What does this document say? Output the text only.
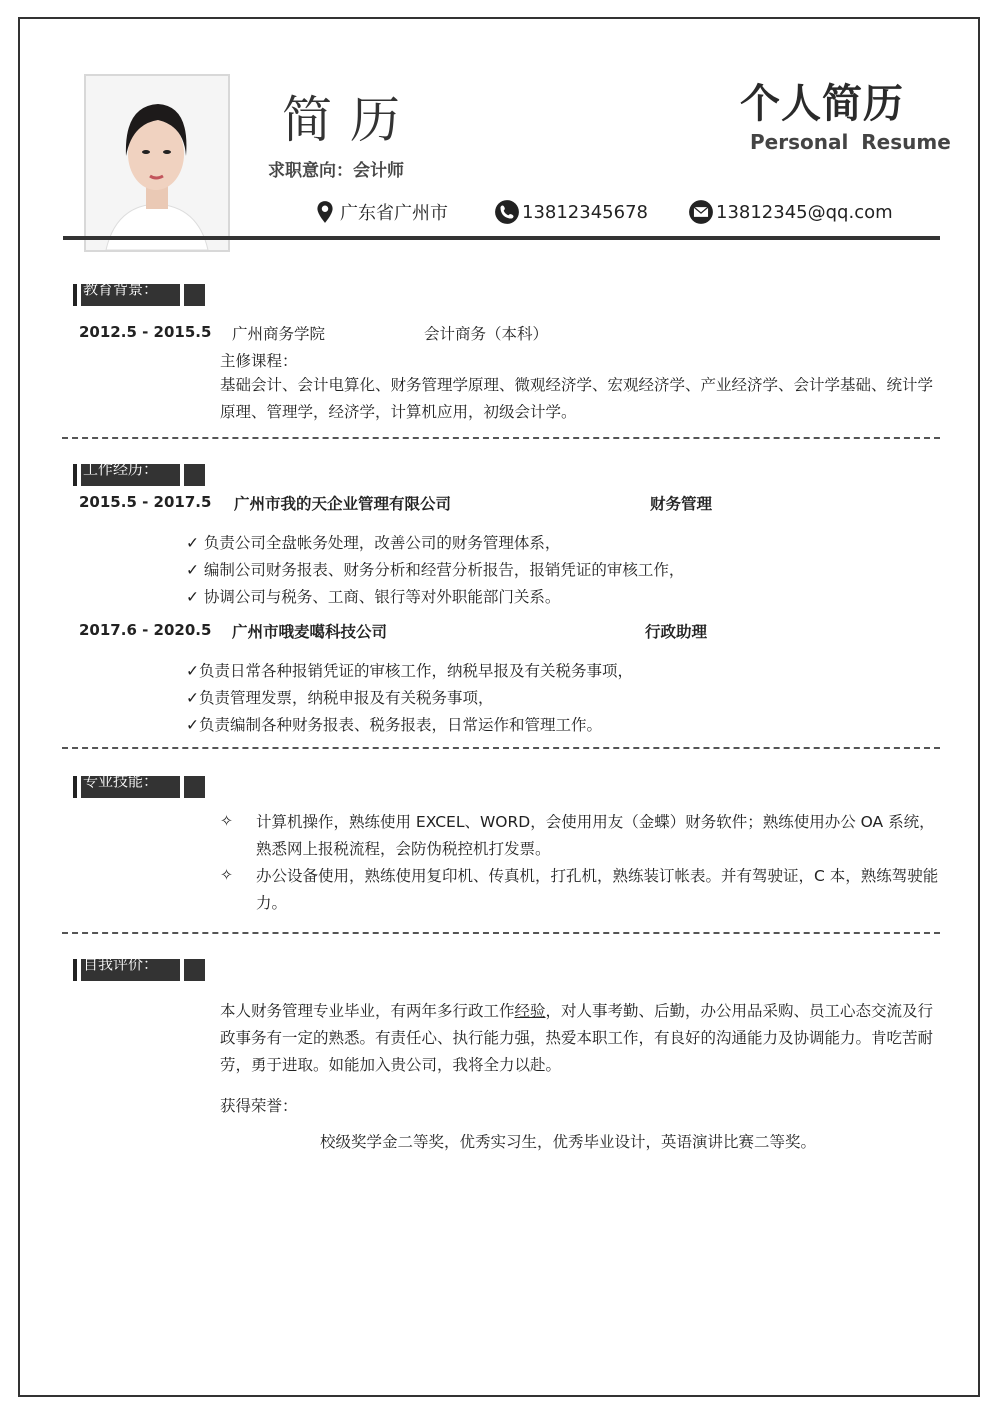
简历
求职意向：会计师
个人简历
Personal Resume
广东省广州市	13812345678	13812345@qq.com
教育背景：
2012.5 - 2015.5 广州商务学院	会计商务（本科）
主修课程：
基础会计、会计电算化、财务管理学原理、微观经济学、宏观经济学、产业经济学、会计学基础、统计学原理、管理学，经济学，计算机应用，初级会计学。
工作经历：
2015.5 - 2017.5 广州市我的天企业管理有限公司	财务管理
✓ 负责公司全盘帐务处理，改善公司的财务管理体系，
✓ 编制公司财务报表、财务分析和经营分析报告，报销凭证的审核工作，
✓ 协调公司与税务、工商、银行等对外职能部门关系。
2017.6 - 2020.5 广州市哦麦噶科技公司	行政助理
✓负责日常各种报销凭证的审核工作，纳税早报及有关税务事项，
✓负责管理发票，纳税申报及有关税务事项，
✓负责编制各种财务报表、税务报表，日常运作和管理工作。
专业技能：
✧ 计算机操作，熟练使用 EXCEL、WORD，会使用用友（金蝶）财务软件；熟练使用办公 OA 系统，熟悉网上报税流程，会防伪税控机打发票。
✧ 办公设备使用，熟练使用复印机、传真机，打孔机，熟练装订帐表。并有驾驶证，C 本，熟练驾驶能力。
自我评价：
本人财务管理专业毕业，有两年多行政工作经验，对人事考勤、后勤，办公用品采购、员工心态交流及行政事务有一定的熟悉。有责任心、执行能力强，热爱本职工作，有良好的沟通能力及协调能力。肯吃苦耐劳，勇于进取。如能加入贵公司，我将全力以赴。
获得荣誉：
校级奖学金二等奖，优秀实习生，优秀毕业设计，英语演讲比赛二等奖。
